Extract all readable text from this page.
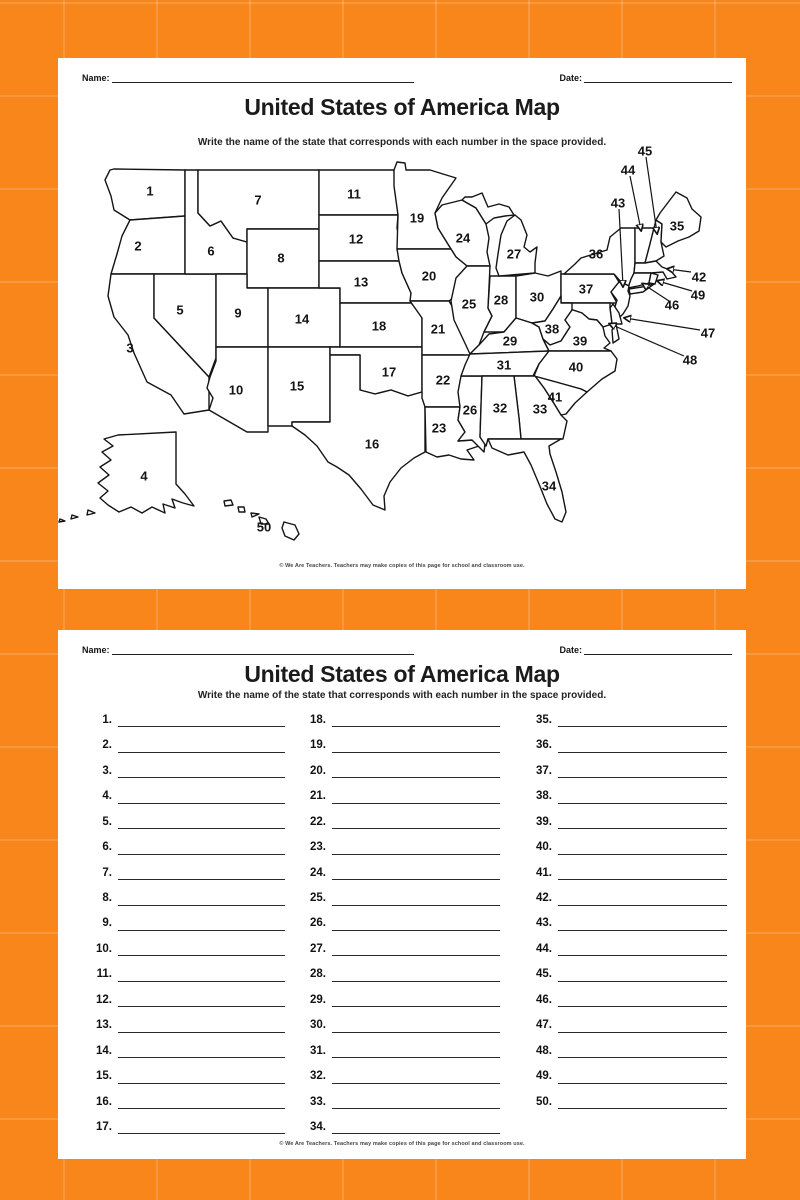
Name:	Date:
United States of America Map
Write the name of the state that corresponds with each number in the space provided.
1
2
3
4
5
6
7
8
9
10
11
12
13
14
15
16
17
18
19
20
21
22
23
24
25
26
27
28
29
30
31
32 33
34
35
36
37
38
39
40
41
42
43
44
45
46
47
48
49
50
© We Are Teachers. Teachers may make copies of this page for school and classroom use.
Name:	Date:
United States of America Map
Write the name of the state that corresponds with each number in the space provided.
1.
2.
3.
4.
5.
6.
7.
8.
9.
10.
11.
12.
13.
14.
15.
16.
17.
18.
19.
20.
21.
22.
23.
24.
25.
26.
27.
28.
29.
30.
31.
32.
33.
34.
35.
36.
37.
38.
39.
40.
41.
42.
43.
44.
45.
46.
47.
48.
49.
50.
© We Are Teachers. Teachers may make copies of this page for school and classroom use.
